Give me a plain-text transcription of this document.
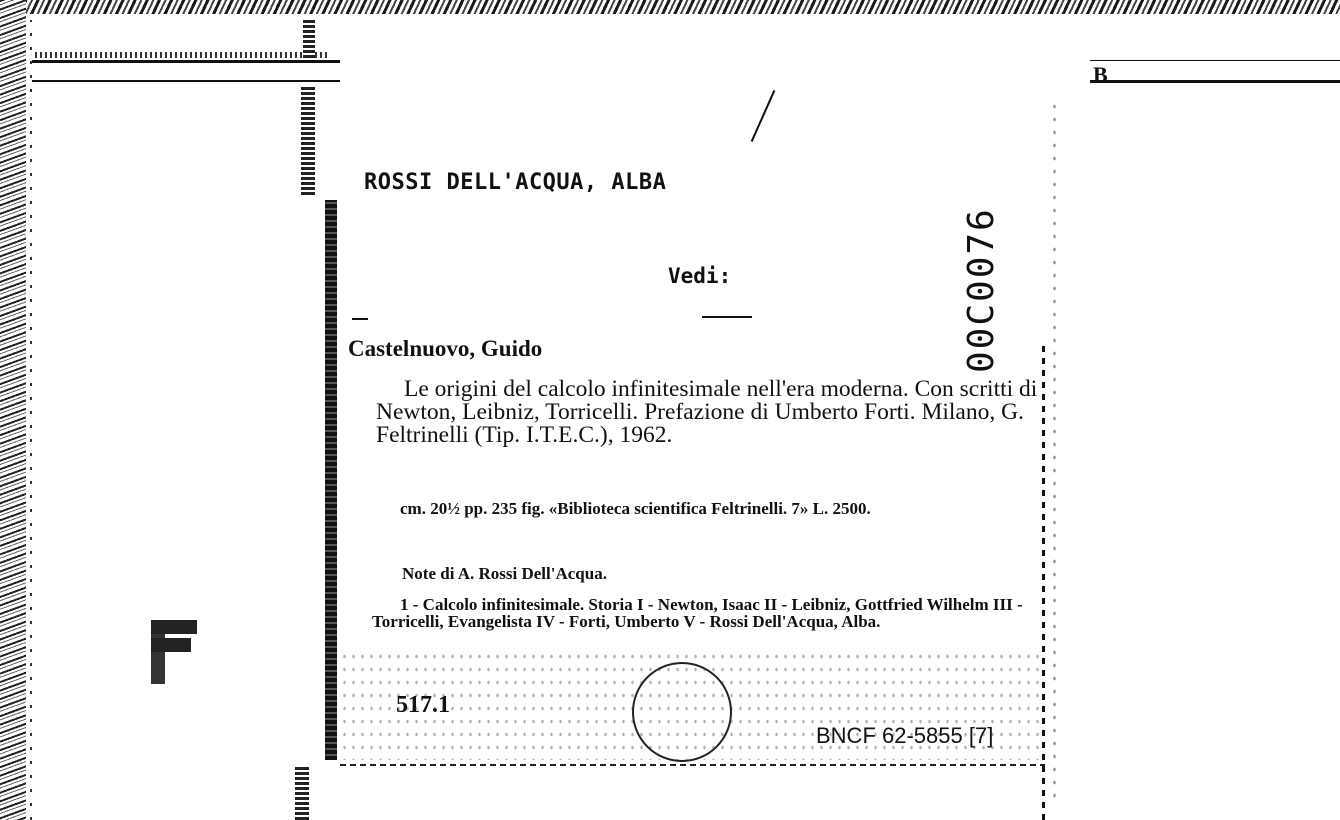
B
ROSSI DELL'ACQUA, ALBA
Vedi:	00C0076
Castelnuovo, Guido
Le origini del calcolo infinitesimale nell'era moderna. Con scritti di Newton, Leibniz, Torricelli. Prefazione di Umberto Forti. Milano, G. Feltrinelli (Tip. I.T.E.C.), 1962.
cm. 20½ pp. 235 fig. «Biblioteca scientifica Feltrinelli. 7» L. 2500.
Note di A. Rossi Dell'Acqua.
1 - Calcolo infinitesimale. Storia I - Newton, Isaac II - Leibniz, Gottfried Wilhelm III - Torricelli, Evangelista IV - Forti, Umberto V - Rossi Dell'Acqua, Alba.
517.1
BNCF 62-5855 [7]
